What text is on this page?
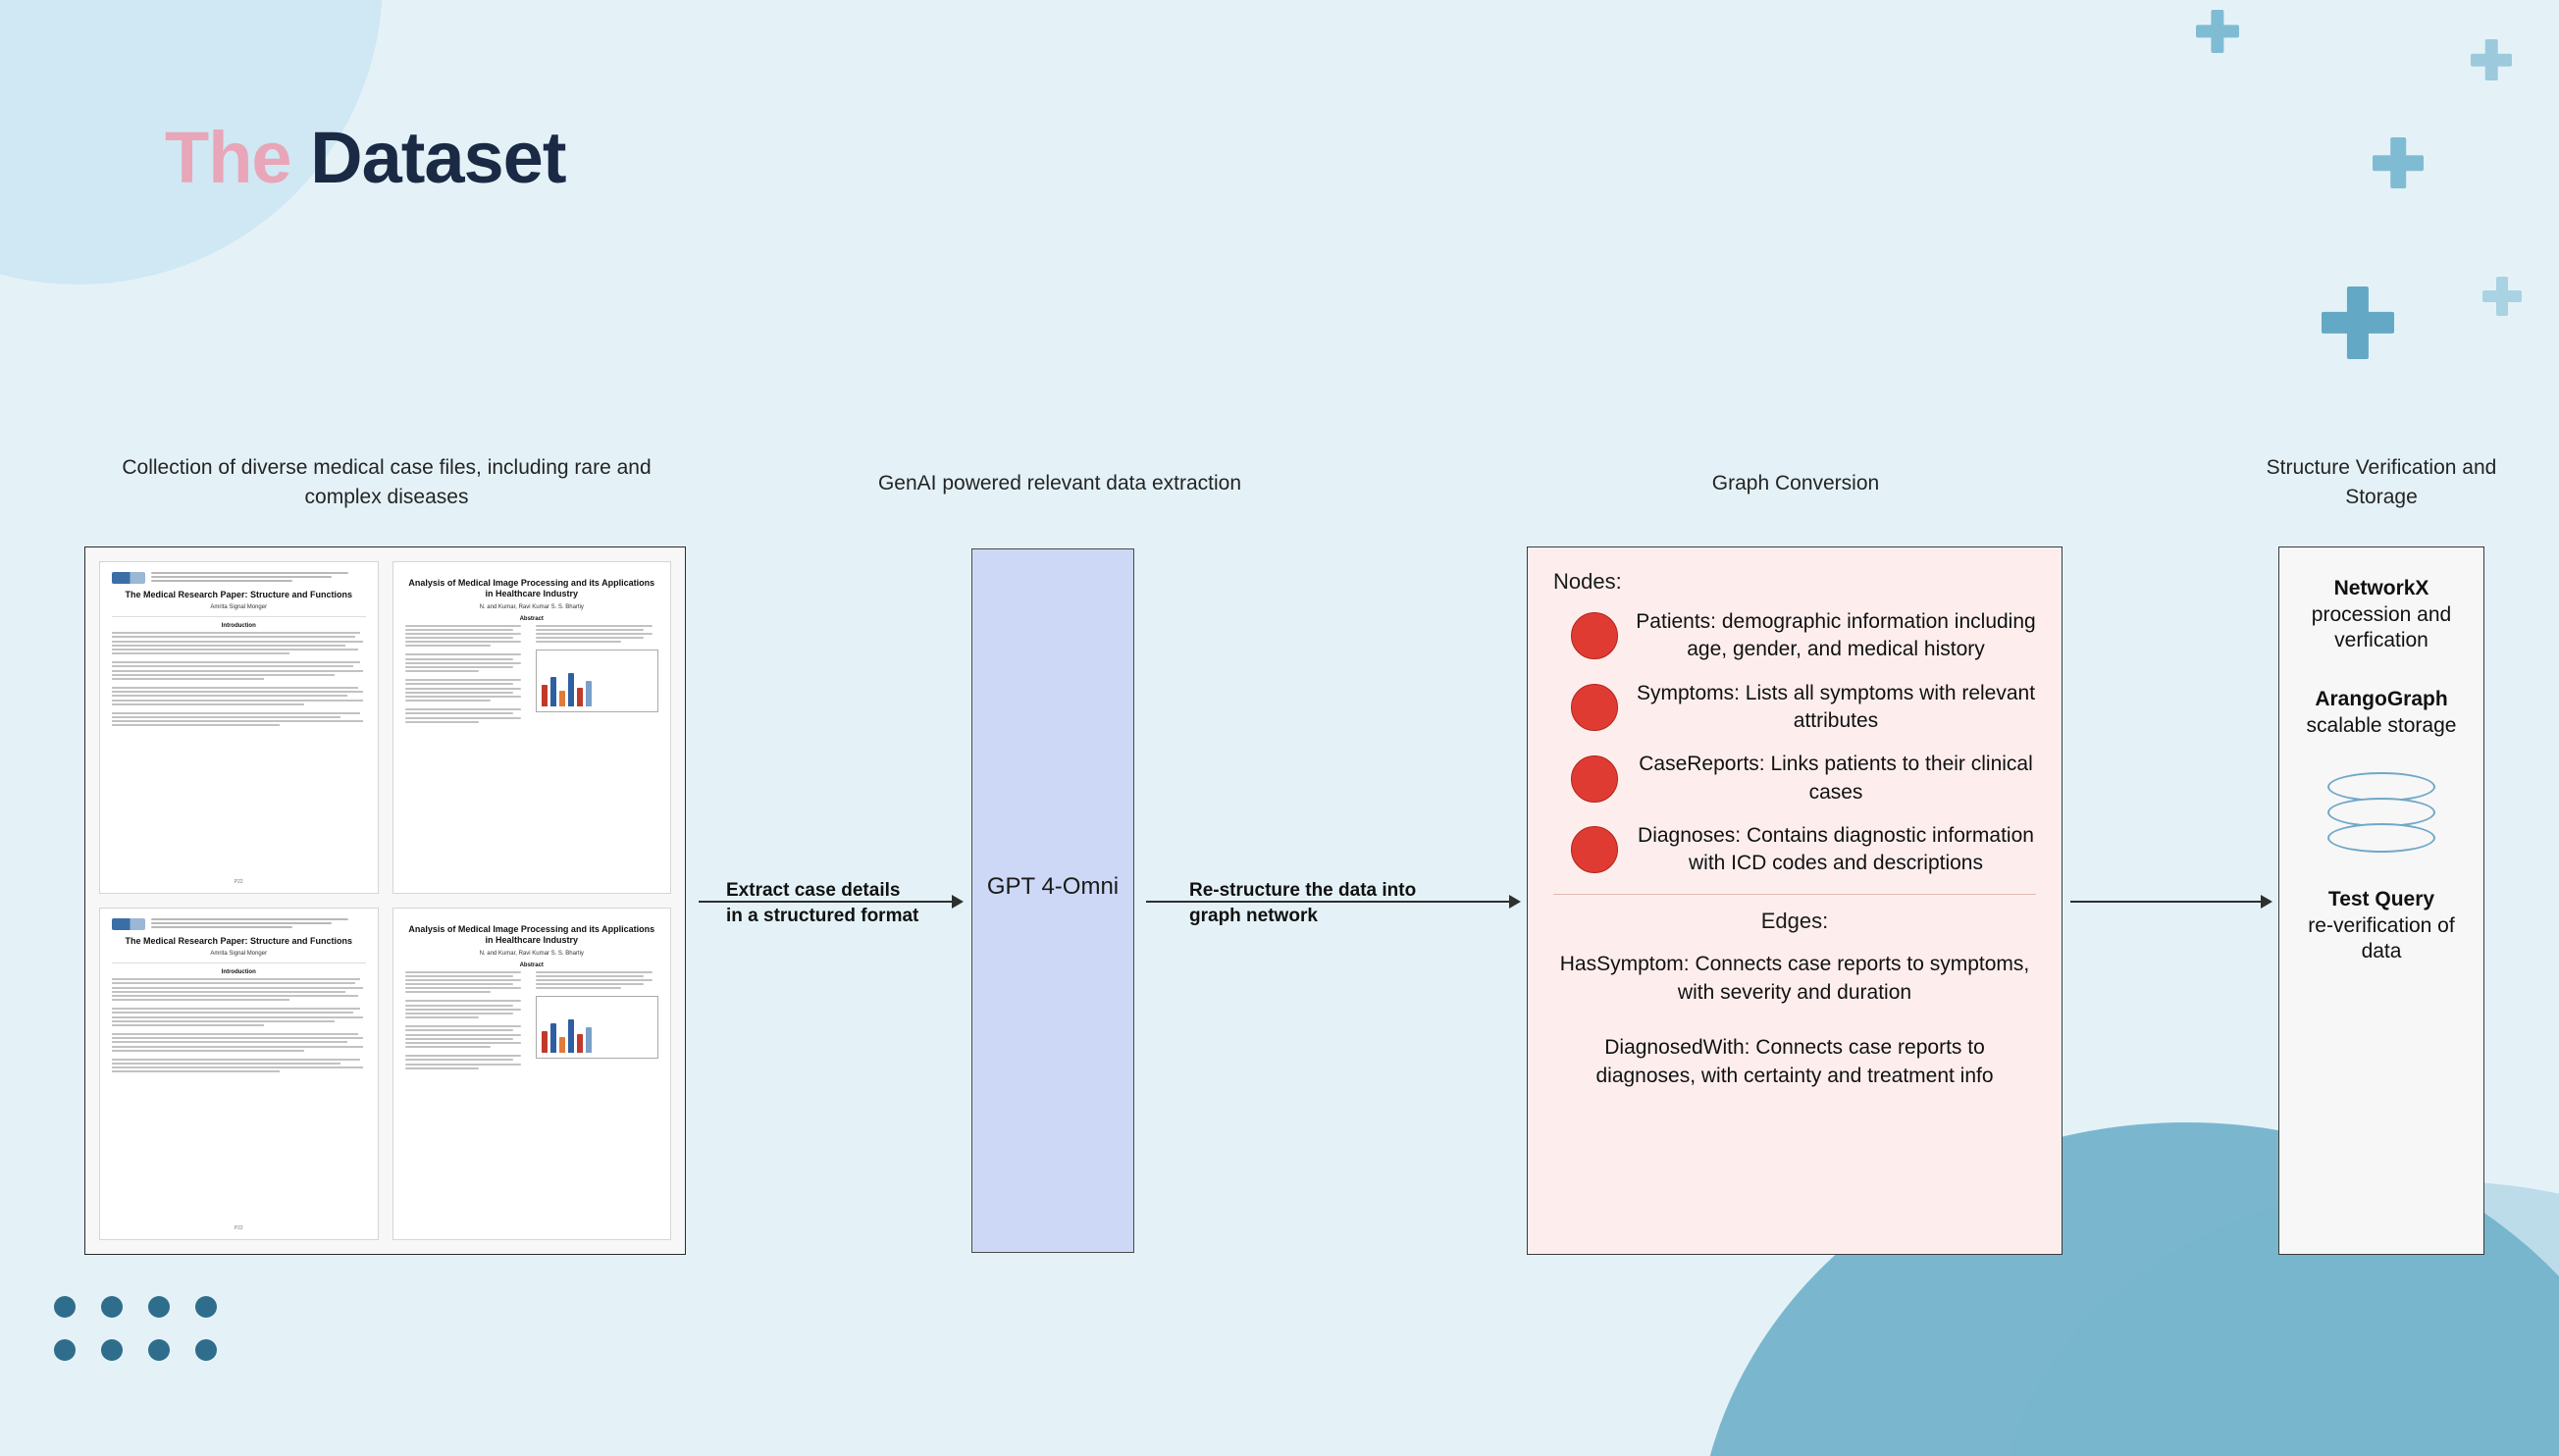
The Dataset
Collection of diverse medical case files, including rare and complex diseases
GenAI powered relevant data extraction	Graph Conversion
Structure Verification and Storage
The Medical Research Paper: Structure and Functions
Amrita Signal Monger
Introduction
P22
Analysis of Medical Image Processing and its Applications in Healthcare Industry
N. and Kumar, Ravi Kumar S. S. Bhartiy
Abstract
The Medical Research Paper: Structure and Functions
Amrita Signal Monger
Introduction
P22
Analysis of Medical Image Processing and its Applications in Healthcare Industry
N. and Kumar, Ravi Kumar S. S. Bhartiy
Abstract
Extract case details
in a structured format
GPT 4-Omni	Re-structure the data into
graph network
Nodes:
Patients: demographic information including age, gender, and medical history
Symptoms: Lists all symptoms with relevant attributes
CaseReports: Links patients to their clinical cases
Diagnoses: Contains diagnostic information with ICD codes and descriptions
Edges:
HasSymptom: Connects case reports to symptoms, with severity and duration
DiagnosedWith: Connects case reports to diagnoses, with certainty and treatment info
NetworkX
procession and verfication
ArangoGraph
scalable storage
Test Query
re-verification of data
